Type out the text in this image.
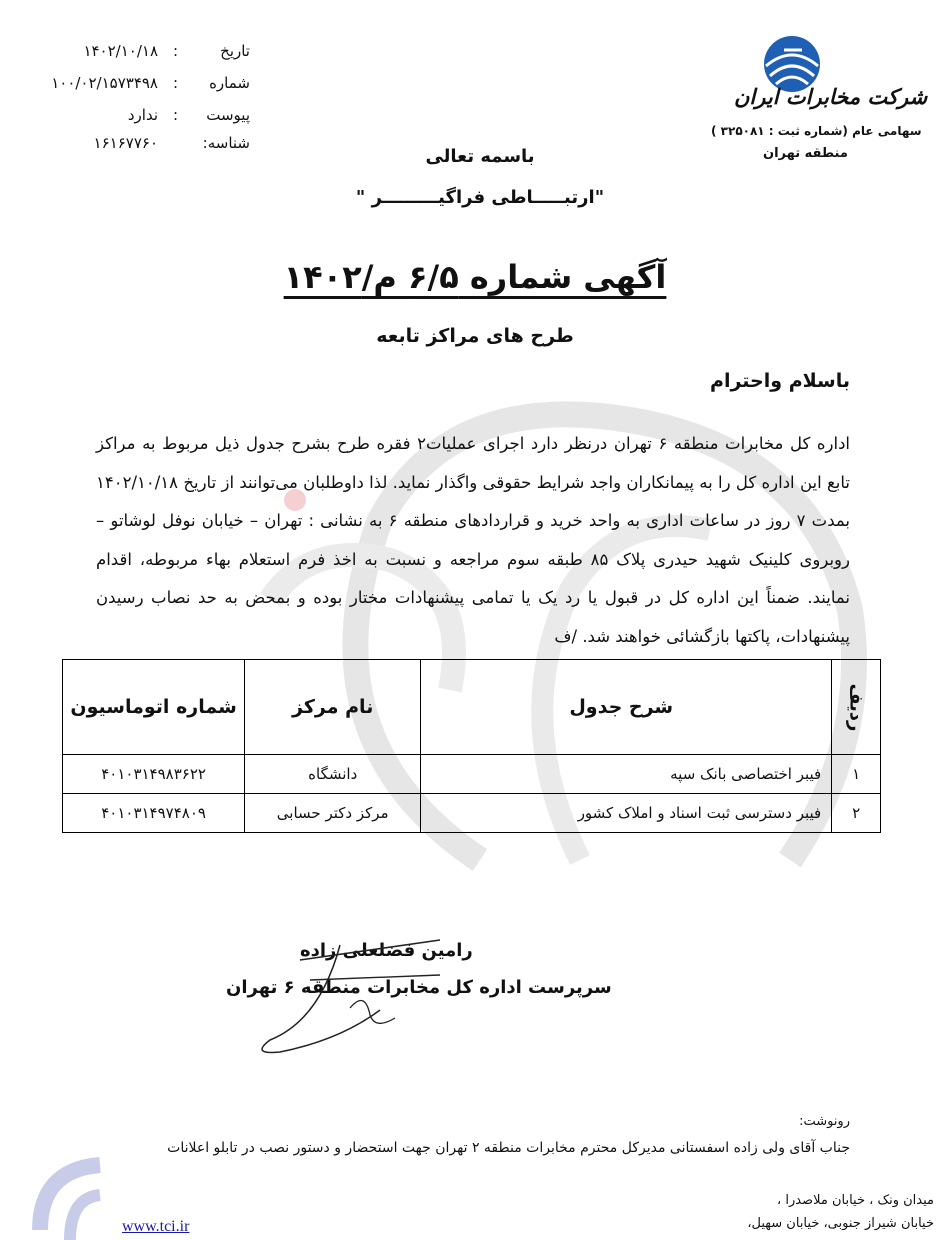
شرکت مخابرات ایران
سهامی عام (شماره ثبت : ۳۲۵۰۸۱ )
منطقه تهران
تاریخ
:
۱۴۰۲/۱۰/۱۸
شماره
:
۱۰۰/۰۲/۱۵۷۳۴۹۸
پیوست
:
ندارد
شناسه:
۱۶۱۶۷۷۶۰
باسمه تعالی
"ارتبـــــاطی فراگیـــــــــر "
آگهی شماره ۶/۵ م/۱۴۰۲
طرح های مراکز تابعه
باسلام واحترام
اداره کل مخابرات منطقه ۶ تهران درنظر دارد اجرای عملیات۲ فقره طرح بشرح جدول ذیل مربوط به مراکز تابع این اداره کل را به پیمانکاران واجد شرایط حقوقی واگذار نماید. لذا داوطلبان می‌توانند از تاریخ ۱۴۰۲/۱۰/۱۸ بمدت ۷ روز در ساعات اداری به واحد خرید و قراردادهای منطقه ۶ به نشانی : تهران – خیابان نوفل لوشاتو – روبروی کلینیک شهید حیدری پلاک ۸۵ طبقه سوم مراجعه و نسبت به اخذ فرم استعلام بهاء مربوطه، اقدام نمایند. ضمناً این اداره کل در قبول یا رد یک یا تمامی پیشنهادات مختار بوده و بمحض به حد نصاب رسیدن پیشنهادات، پاکتها بازگشائی خواهند شد. /ف
ردیف	شرح جدول	نام مرکز	شماره اتوماسیون
۱	فیبر اختصاصی بانک سپه	دانشگاه	۴۰۱۰۳۱۴۹۸۳۶۲۲
۲	فیبر دسترسی ثبت اسناد و املاک کشور	مرکز دکتر حسابی	۴۰۱۰۳۱۴۹۷۴۸۰۹
رامین فضلعلی زاده
سرپرست اداره کل مخابرات منطقه ۶ تهران
رونوشت:
جناب آقای ولی زاده اسفستانی مدیرکل محترم مخابرات منطقه ۲ تهران جهت استحضار و دستور نصب در تابلو اعلانات
میدان ونک ، خیابان ملاصدرا ،
خیابان شیراز جنوبی، خیابان سهیل،
www.tci.ir
